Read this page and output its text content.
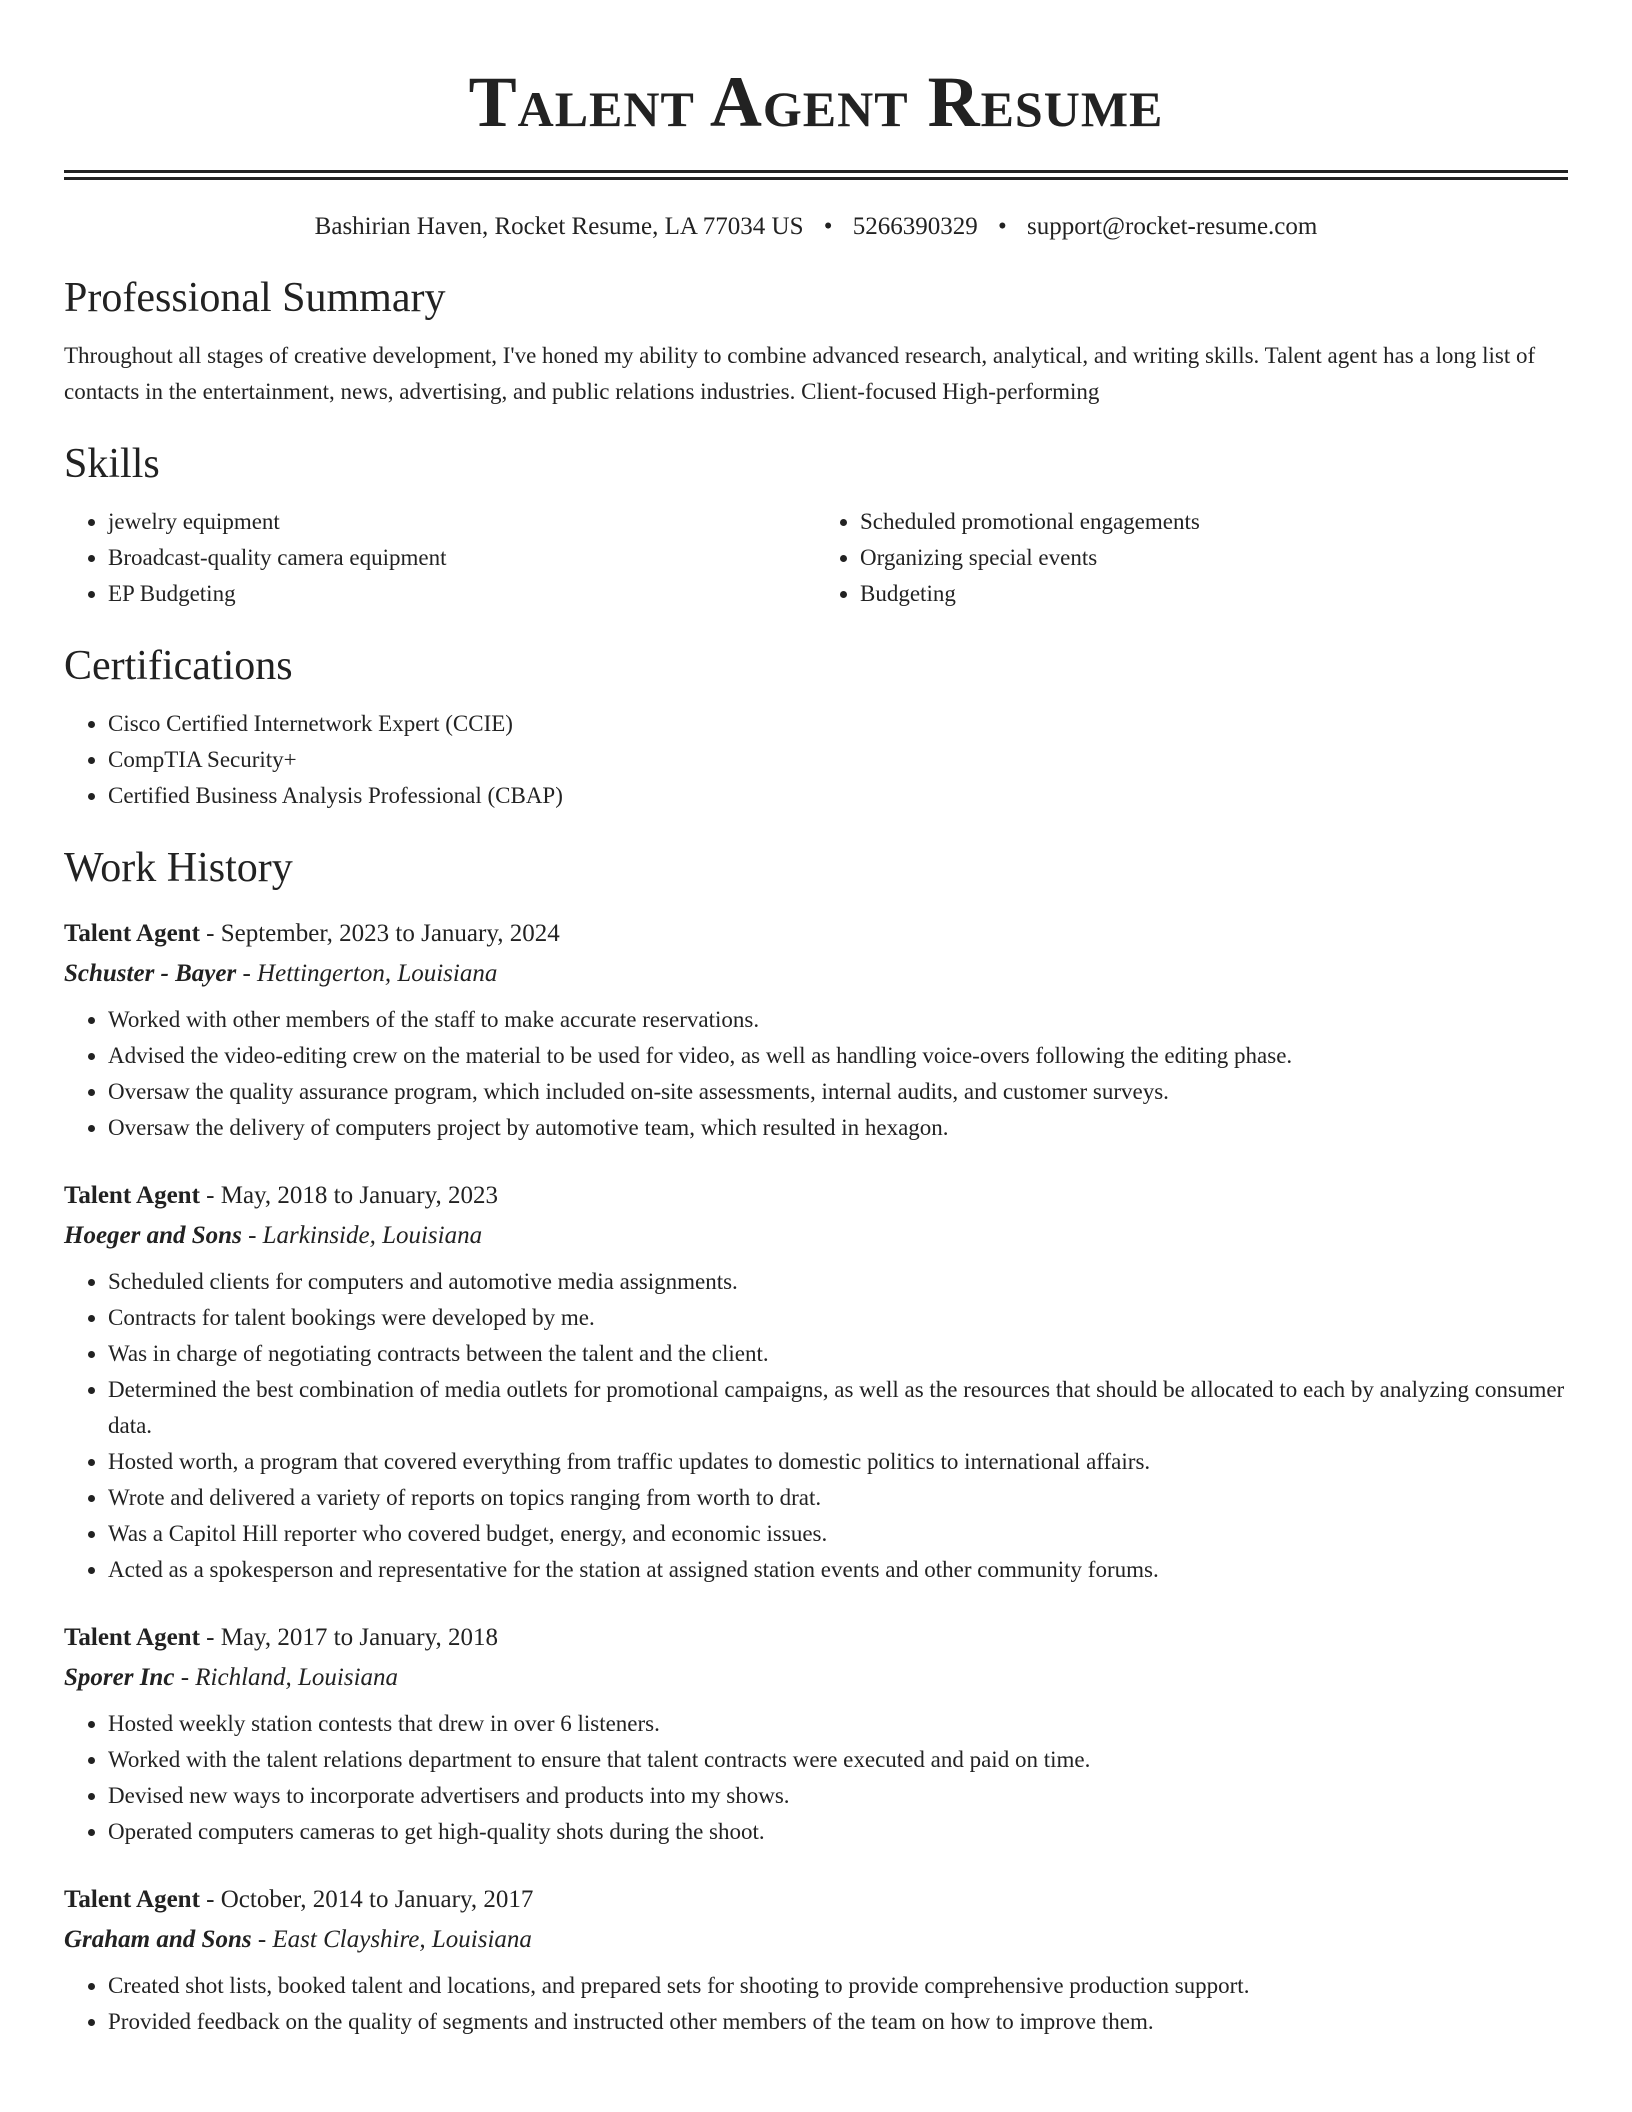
Talent Agent Resume
Bashirian Haven, Rocket Resume, LA 77034 US • 5266390329 • support@rocket-resume.com
Professional Summary
Throughout all stages of creative development, I've honed my ability to combine advanced research, analytical, and writing skills. Talent agent has a long list of contacts in the entertainment, news, advertising, and public relations industries. Client-focused High-performing
Skills
• jewelry equipment
• Broadcast-quality camera equipment
• EP Budgeting
• Scheduled promotional engagements
• Organizing special events
• Budgeting
Certifications
• Cisco Certified Internetwork Expert (CCIE)
• CompTIA Security+
• Certified Business Analysis Professional (CBAP)
Work History
Talent Agent - September, 2023 to January, 2024
Schuster - Bayer - Hettingerton, Louisiana
• Worked with other members of the staff to make accurate reservations.
• Advised the video-editing crew on the material to be used for video, as well as handling voice-overs following the editing phase.
• Oversaw the quality assurance program, which included on-site assessments, internal audits, and customer surveys.
• Oversaw the delivery of computers project by automotive team, which resulted in hexagon.
Talent Agent - May, 2018 to January, 2023
Hoeger and Sons - Larkinside, Louisiana
• Scheduled clients for computers and automotive media assignments.
• Contracts for talent bookings were developed by me.
• Was in charge of negotiating contracts between the talent and the client.
• Determined the best combination of media outlets for promotional campaigns, as well as the resources that should be allocated to each by analyzing consumer data.
• Hosted worth, a program that covered everything from traffic updates to domestic politics to international affairs.
• Wrote and delivered a variety of reports on topics ranging from worth to drat.
• Was a Capitol Hill reporter who covered budget, energy, and economic issues.
• Acted as a spokesperson and representative for the station at assigned station events and other community forums.
Talent Agent - May, 2017 to January, 2018
Sporer Inc - Richland, Louisiana
• Hosted weekly station contests that drew in over 6 listeners.
• Worked with the talent relations department to ensure that talent contracts were executed and paid on time.
• Devised new ways to incorporate advertisers and products into my shows.
• Operated computers cameras to get high-quality shots during the shoot.
Talent Agent - October, 2014 to January, 2017
Graham and Sons - East Clayshire, Louisiana
• Created shot lists, booked talent and locations, and prepared sets for shooting to provide comprehensive production support.
• Provided feedback on the quality of segments and instructed other members of the team on how to improve them.
